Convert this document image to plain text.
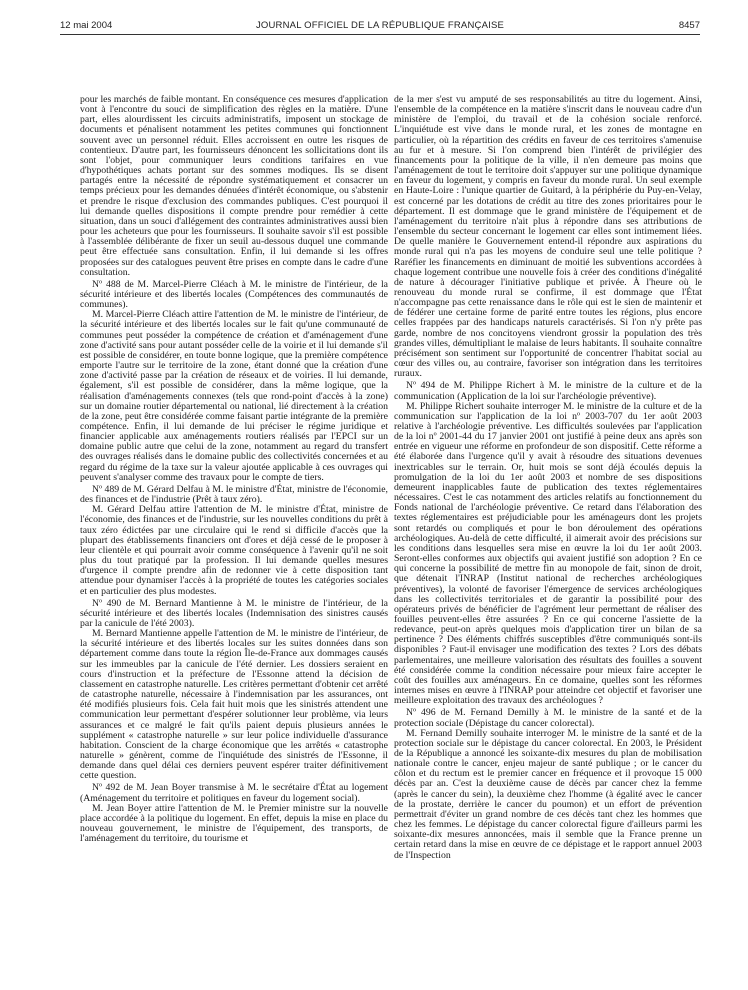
12 mai 2004	JOURNAL OFFICIEL DE LA RÉPUBLIQUE FRANÇAISE	8457

pour les marchés de faible montant. En conséquence ces mesures d'application vont à l'encontre du souci de simplification des règles en la matière. D'une part, elles alourdissent les circuits administratifs, imposent un stockage de documents et pénalisent notamment les petites communes qui fonctionnent souvent avec un personnel réduit. Elles accroissent en outre les risques de contentieux. D'autre part, les fournisseurs dénoncent les sollicitations dont ils sont l'objet, pour communiquer leurs conditions tarifaires en vue d'hypothétiques achats portant sur des sommes modiques. Ils se disent partagés entre la nécessité de répondre systématiquement et consacrer un temps précieux pour les demandes dénuées d'intérêt économique, ou s'abstenir et prendre le risque d'exclusion des commandes publiques. C'est pourquoi il lui demande quelles dispositions il compte prendre pour remédier à cette situation, dans un souci d'allégement des contraintes administratives aussi bien pour les acheteurs que pour les fournisseurs. Il souhaite savoir s'il est possible à l'assemblée délibérante de fixer un seuil au-dessous duquel une commande peut être effectuée sans consultation. Enfin, il lui demande si les offres proposées sur des catalogues peuvent être prises en compte dans le cadre d'une consultation.

Nº 488 de M. Marcel-Pierre Cléach à M. le ministre de l'intérieur, de la sécurité intérieure et des libertés locales (Compétences des communautés de communes).

M. Marcel-Pierre Cléach attire l'attention de M. le ministre de l'intérieur, de la sécurité intérieure et des libertés locales sur le fait qu'une communauté de communes peut posséder la compétence de création et d'aménagement d'une zone d'activité sans pour autant posséder celle de la voirie et il lui demande s'il est possible de considérer, en toute bonne logique, que la première compétence emporte l'autre sur le territoire de la zone, étant donné que la création d'une zone d'activité passe par la création de réseaux et de voiries. Il lui demande, également, s'il est possible de considérer, dans la même logique, que la réalisation d'aménagements connexes (tels que rond-point d'accès à la zone) sur un domaine routier départemental ou national, lié directement à la création de la zone, peut être considérée comme faisant partie intégrante de la première compétence. Enfin, il lui demande de lui préciser le régime juridique et financier applicable aux aménagements routiers réalisés par l'EPCI sur un domaine public autre que celui de la zone, notamment au regard du transfert des ouvrages réalisés dans le domaine public des collectivités concernées et au regard du régime de la taxe sur la valeur ajoutée applicable à ces ouvrages qui peuvent s'analyser comme des travaux pour le compte de tiers.

Nº 489 de M. Gérard Delfau à M. le ministre d'État, ministre de l'économie, des finances et de l'industrie (Prêt à taux zéro).

M. Gérard Delfau attire l'attention de M. le ministre d'État, ministre de l'économie, des finances et de l'industrie, sur les nouvelles conditions du prêt à taux zéro édictées par une circulaire qui le rend si difficile d'accès que la plupart des établissements financiers ont d'ores et déjà cessé de le proposer à leur clientèle et qui pourrait avoir comme conséquence à l'avenir qu'il ne soit plus du tout pratiqué par la profession. Il lui demande quelles mesures d'urgence il compte prendre afin de redonner vie à cette disposition tant attendue pour dynamiser l'accès à la propriété de toutes les catégories sociales et en particulier des plus modestes.

Nº 490 de M. Bernard Mantienne à M. le ministre de l'intérieur, de la sécurité intérieure et des libertés locales (Indemnisation des sinistres causés par la canicule de l'été 2003).

M. Bernard Mantienne appelle l'attention de M. le ministre de l'intérieur, de la sécurité intérieure et des libertés locales sur les suites données dans son département comme dans toute la région Île-de-France aux dommages causés sur les immeubles par la canicule de l'été dernier. Les dossiers seraient en cours d'instruction et la préfecture de l'Essonne attend la décision de classement en catastrophe naturelle. Les critères permettant d'obtenir cet arrêté de catastrophe naturelle, nécessaire à l'indemnisation par les assurances, ont été modifiés plusieurs fois. Cela fait huit mois que les sinistrés attendent une communication leur permettant d'espérer solutionner leur problème, via leurs assurances et ce malgré le fait qu'ils paient depuis plusieurs années le supplément « catastrophe naturelle » sur leur police individuelle d'assurance habitation. Conscient de la charge économique que les arrêtés « catastrophe naturelle » génèrent, comme de l'inquiétude des sinistrés de l'Essonne, il demande dans quel délai ces derniers peuvent espérer traiter définitivement cette question.

Nº 492 de M. Jean Boyer transmise à M. le secrétaire d'État au logement (Aménagement du territoire et politiques en faveur du logement social).

M. Jean Boyer attire l'attention de M. le Premier ministre sur la nouvelle place accordée à la politique du logement. En effet, depuis la mise en place du nouveau gouvernement, le ministre de l'équipement, des transports, de l'aménagement du territoire, du tourisme et

de la mer s'est vu amputé de ses responsabilités au titre du logement. Ainsi, l'ensemble de la compétence en la matière s'inscrit dans le nouveau cadre d'un ministère de l'emploi, du travail et de la cohésion sociale renforcé. L'inquiétude est vive dans le monde rural, et les zones de montagne en particulier, où la répartition des crédits en faveur de ces territoires s'amenuise au fur et à mesure. Si l'on comprend bien l'intérêt de privilégier des financements pour la politique de la ville, il n'en demeure pas moins que l'aménagement de tout le territoire doit s'appuyer sur une politique dynamique en faveur du logement, y compris en faveur du monde rural. Un seul exemple en Haute-Loire : l'unique quartier de Guitard, à la périphérie du Puy-en-Velay, est concerné par les dotations de crédit au titre des zones prioritaires pour le département. Il est dommage que le grand ministère de l'équipement et de l'aménagement du territoire n'ait plus à répondre dans ses attributions de l'ensemble du secteur concernant le logement car elles sont intimement liées. De quelle manière le Gouvernement entend-il répondre aux aspirations du monde rural qui n'a pas les moyens de conduire seul une telle politique ? Raréfier les financements en diminuant de moitié les subventions accordées à chaque logement contribue une nouvelle fois à créer des conditions d'inégalité de nature à décourager l'initiative publique et privée. À l'heure où le renouveau du monde rural se confirme, il est dommage que l'État n'accompagne pas cette renaissance dans le rôle qui est le sien de maintenir et de fédérer une certaine forme de parité entre toutes les régions, plus encore celles frappées par des handicaps naturels caractérisés. Si l'on n'y prête pas garde, nombre de nos concitoyens viendront grossir la population des très grandes villes, démultipliant le malaise de leurs habitants. Il souhaite connaître précisément son sentiment sur l'opportunité de concentrer l'habitat social au cœur des villes ou, au contraire, favoriser son intégration dans les territoires ruraux.

Nº 494 de M. Philippe Richert à M. le ministre de la culture et de la communication (Application de la loi sur l'archéologie préventive).

M. Philippe Richert souhaite interroger M. le ministre de la culture et de la communication sur l'application de la loi nº 2003-707 du 1er août 2003 relative à l'archéologie préventive. Les difficultés soulevées par l'application de la loi nº 2001-44 du 17 janvier 2001 ont justifié à peine deux ans après son entrée en vigueur une réforme en profondeur de son dispositif. Cette réforme a été élaborée dans l'urgence qu'il y avait à résoudre des situations devenues inextricables sur le terrain. Or, huit mois se sont déjà écoulés depuis la promulgation de la loi du 1er août 2003 et nombre de ses dispositions demeurent inapplicables faute de publication des textes réglementaires nécessaires. C'est le cas notamment des articles relatifs au fonctionnement du Fonds national de l'archéologie préventive. Ce retard dans l'élaboration des textes réglementaires est préjudiciable pour les aménageurs dont les projets sont retardés ou compliqués et pour le bon déroulement des opérations archéologiques. Au-delà de cette difficulté, il aimerait avoir des précisions sur les conditions dans lesquelles sera mise en œuvre la loi du 1er août 2003. Seront-elles conformes aux objectifs qui avaient justifié son adoption ? En ce qui concerne la possibilité de mettre fin au monopole de fait, sinon de droit, que détenait l'INRAP (Institut national de recherches archéologiques préventives), la volonté de favoriser l'émergence de services archéologiques dans les collectivités territoriales et de garantir la possibilité pour des opérateurs privés de bénéficier de l'agrément leur permettant de réaliser des fouilles peuvent-elles être assurées ? En ce qui concerne l'assiette de la redevance, peut-on après quelques mois d'application tirer un bilan de sa pertinence ? Des éléments chiffrés susceptibles d'être communiqués sont-ils disponibles ? Faut-il envisager une modification des textes ? Lors des débats parlementaires, une meilleure valorisation des résultats des fouilles a souvent été considérée comme la condition nécessaire pour mieux faire accepter le coût des fouilles aux aménageurs. En ce domaine, quelles sont les réformes internes mises en œuvre à l'INRAP pour atteindre cet objectif et favoriser une meilleure exploitation des travaux des archéologues ?

Nº 496 de M. Fernand Demilly à M. le ministre de la santé et de la protection sociale (Dépistage du cancer colorectal).

M. Fernand Demilly souhaite interroger M. le ministre de la santé et de la protection sociale sur le dépistage du cancer colorectal. En 2003, le Président de la République a annoncé les soixante-dix mesures du plan de mobilisation nationale contre le cancer, enjeu majeur de santé publique ; or le cancer du côlon et du rectum est le premier cancer en fréquence et il provoque 15 000 décès par an. C'est la deuxième cause de décès par cancer chez la femme (après le cancer du sein), la deuxième chez l'homme (à égalité avec le cancer de la prostate, derrière le cancer du poumon) et un effort de prévention permettrait d'éviter un grand nombre de ces décès tant chez les hommes que chez les femmes. Le dépistage du cancer colorectal figure d'ailleurs parmi les soixante-dix mesures annoncées, mais il semble que la France prenne un certain retard dans la mise en œuvre de ce dépistage et le rapport annuel 2003 de l'Inspection
